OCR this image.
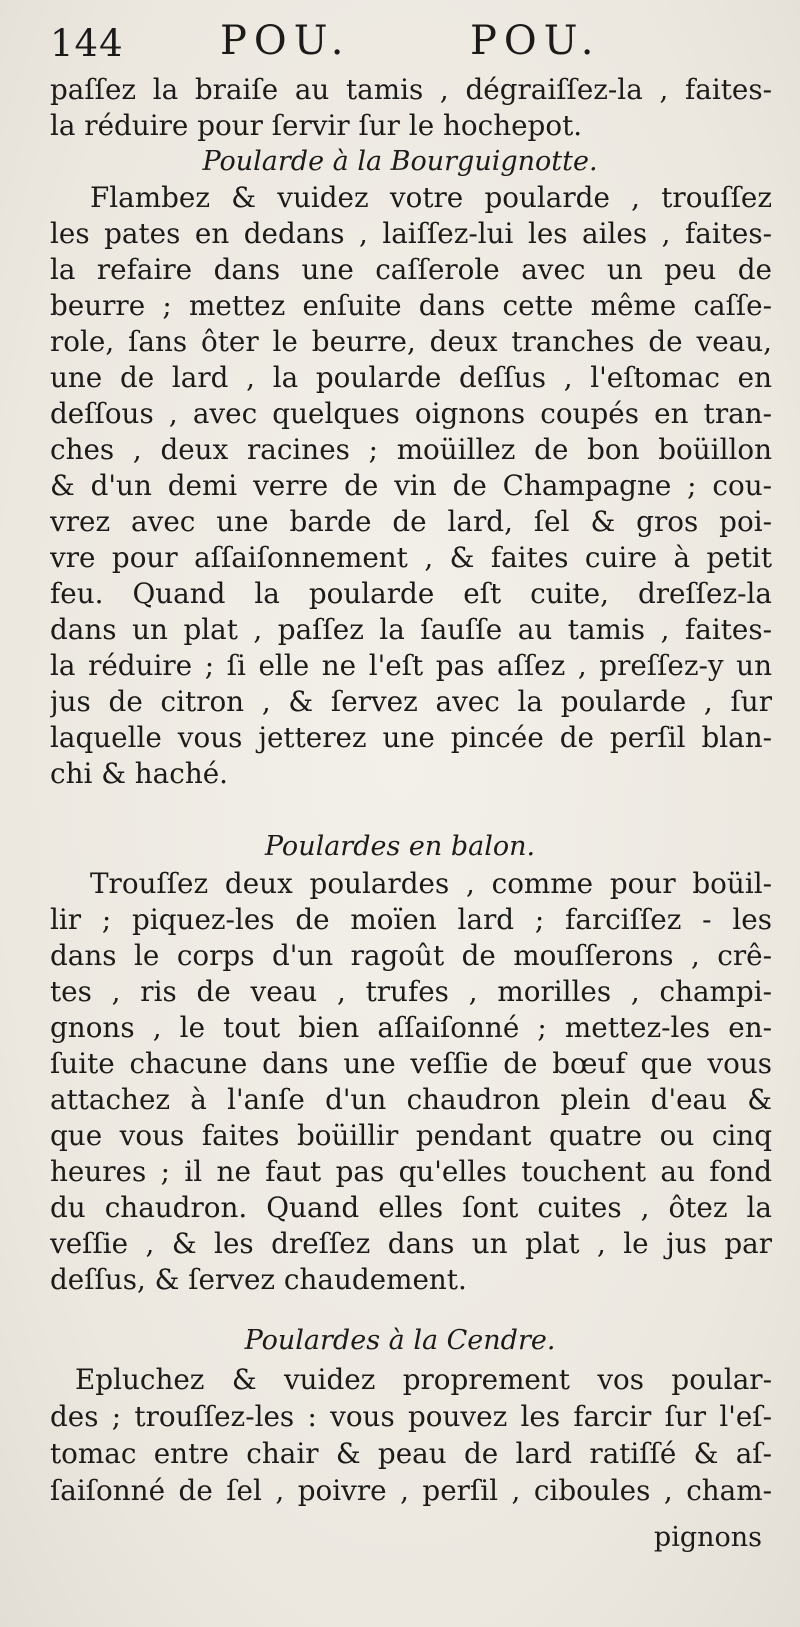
144 POU.	POU.
paſſez la braiſe au tamis , dégraiſſez-la , faites-
la réduire pour ſervir ſur le hochepot.
Poularde à la Bourguignotte.
Flambez & vuidez votre poularde , trouſſez
les pates en dedans , laiſſez-lui les ailes , faites-
la refaire dans une caſſerole avec un peu de
beurre ; mettez enſuite dans cette même caſſe-
role, ſans ôter le beurre, deux tranches de veau,
une de lard , la poularde deſſus , l'eſtomac en
deſſous , avec quelques oignons coupés en tran-
ches , deux racines ; moüillez de bon boüillon
& d'un demi verre de vin de Champagne ; cou-
vrez avec une barde de lard, ſel & gros poi-
vre pour aſſaiſonnement , & faites cuire à petit
feu. Quand la poularde eſt cuite, dreſſez-la
dans un plat , paſſez la ſauſſe au tamis , faites-
la réduire ; ſi elle ne l'eſt pas aſſez , preſſez-y un
jus de citron , & ſervez avec la poularde , ſur
laquelle vous jetterez une pincée de perſil blan-
chi & haché.
Poulardes en balon.
Trouſſez deux poulardes , comme pour boüil-
lir ; piquez-les de moïen lard ; farciſſez - les
dans le corps d'un ragoût de mouſſerons , crê-
tes , ris de veau , trufes , morilles , champi-
gnons , le tout bien aſſaiſonné ; mettez-les en-
ſuite chacune dans une veſſie de bœuf que vous
attachez à l'anſe d'un chaudron plein d'eau &
que vous faites boüillir pendant quatre ou cinq
heures ; il ne faut pas qu'elles touchent au fond
du chaudron. Quand elles ſont cuites , ôtez la
veſſie , & les dreſſez dans un plat , le jus par
deſſus, & ſervez chaudement.
Poulardes à la Cendre.
Epluchez & vuidez proprement vos poular-
des ; trouſſez-les : vous pouvez les farcir ſur l'eſ-
tomac entre chair & peau de lard ratiſſé & aſ-
ſaiſonné de ſel , poivre , perſil , ciboules , cham-
pignons
